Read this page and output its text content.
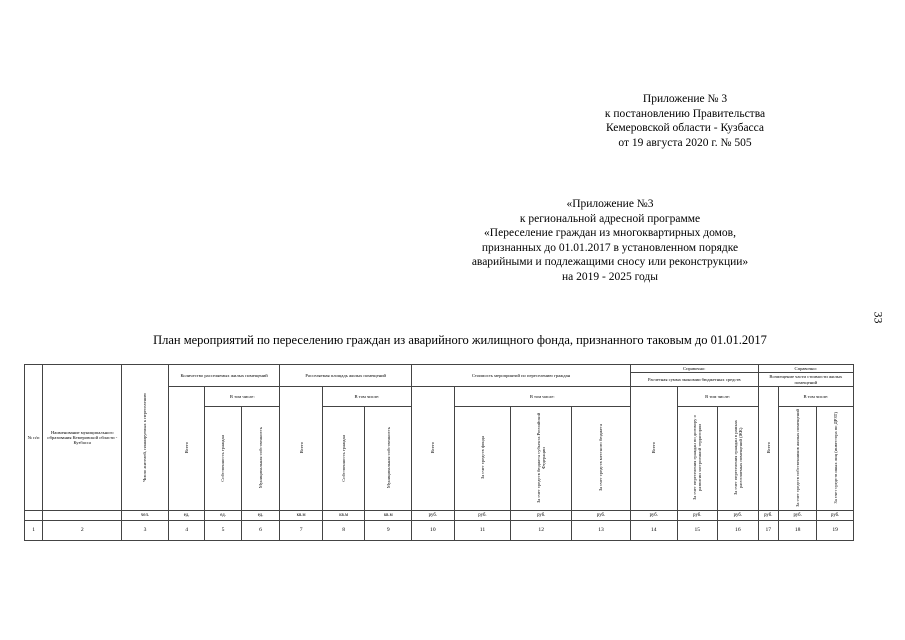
Приложение № 3
к постановлению Правительства
Кемеровской области - Кузбасса
от 19 августа 2020 г. № 505
«Приложение №3
к региональной адресной программе
«Переселение граждан из многоквартирных домов,
признанных до 01.01.2017 в установленном порядке
аварийными и подлежащими сносу или реконструкции»
на 2019 - 2025 годы
33
План мероприятий по переселению граждан из аварийного жилищного фонда, признанного таковым до 01.01.2017
№ п/п	Наименование муниципального образования Кемеровской области - Кузбасса	Число жителей, планируемых к переселению	Количество расселяемых жилых помещений			Расселяемая площадь жилых помещений			Стоимость мероприятий по переселению граждан				Справочно:			Справочно:		
													Расчетная сумма экономии бюджетных средств			Возмещение части стоимости жилых помещений		
			Всего	В том числе:		Всего	В том числе:		Всего	В том числе:			Всего	В том числе:		Всего	В том числе:	
				Собственность граждан	Муниципальная собственность		Собственность граждан	Муниципальная собственность		За счет средств фонда	За счет средств бюджета субъекта Российской Федерации	За счет средств местного бюджета		За счет переселения граждан по договору о развитии застроенной территории	За счет переселения граждан в рамках расселяемых помещений (ЖК)		За счет средств собственников жилых помещений	За счет средств иных лиц (инвестора по ДРЗТ)
		чел.	ед.	ед.	ед.	кв.м	кв.м	кв.м	руб.	руб.	руб.	руб.	руб.	руб.	руб.	руб.	руб.	руб.
1	2	3	4	5	6	7	8	9	10	11	12	13	14	15	16	17	18	19
